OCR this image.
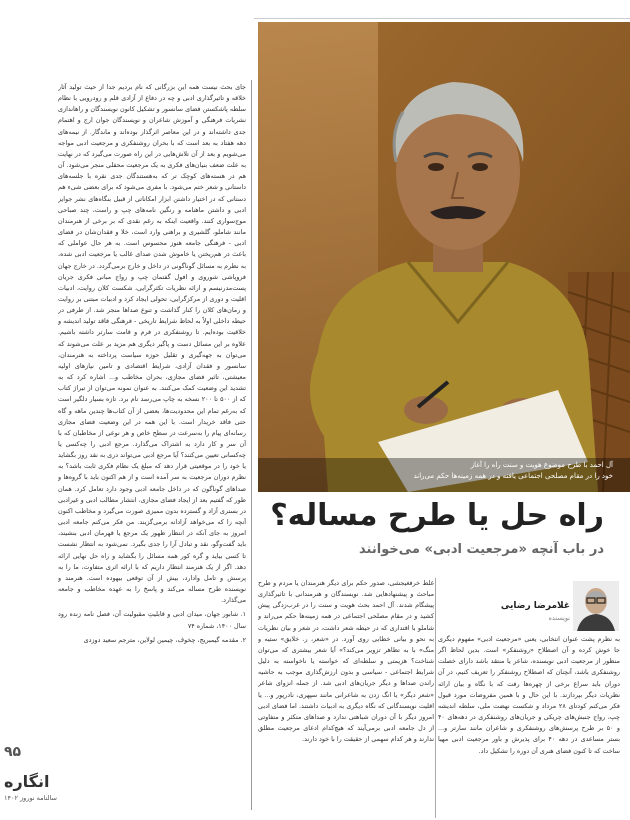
جای بحث نیست همه این بزرگانی که نام بردیم جدا از حیث تولید آثار خلاقه و تاثیرگذاری ادبی و چه در دفاع از آزادی قلم و رودرویی با نظام سلطه پاشکستن فضای سانسور و تشکیل کانون نویسندگان و راهاندازی نشریات فرهنگی و آموزش شاعران و نویسندگان جوان ارج و اهتمام جدی داشته‌اند و در این معاصر اثرگذار بوده‌اند و ماندگار. از نیمه‌های دهه هفتاد به بعد است که با بحران روشنفکری و مرجعیت ادبی مواجه می‌شویم و بعد از آن تلاش‌هایی در این راه صورت می‌گیرد که در نهایت به علت ضعف بنیان‌های فکری به یک مرجعیت محفلی منجر می‌شود. آن هم در هسته‌های کوچک تر که به‌هستندگان جدی نقره با جلسه‌های داستانی و شعر ختم می‌شود. با مفری می‌شود که برای بعضی شیء هم دستانی که در اختیار داشتن ابزار امکاناتی از قبیل بنگاه‌های نشر جوایز ادبی و داشتن ماهنامه و رنگین نامه‌های چپ و راست، چند صباحی موج‌سواری کنند. واقعیت اینکه به رغم نقدی که بر برخی از هنرمندان مانند شاملو، گلشیری و براهنی وارد است، خلا و فقدان‌شان در فضای ادبی - فرهنگی جامعه هنوز محسوس است. به هر حال عواملی که باعث در هم‌ریختن یا خاموش شدن صدای غالب یا مرجعیت ادبی شده، به نظرم به مسائل گوناگونی در داخل و خارج برمی‌گردد. در خارج جهان فروپاشی شوروی و افول گفتمان چپ و رواج مبانی فکری جریان پست‌مدرنیسم و ارائه نظریات تکثرگرایی، شکست کلان روایت، ادبیات اقلیت و دوری از مرکزگرایی، تحولی ایجاد کرد و ادبیات مبتنی بر روایت و رمان‌های کلان را کنار گذاشت و تنوع صداها منجر شد. از طرفی در حیطه داخلی اولاً به لحاظ شرایط تاریخی - فرهنگی فاقد تولید اندیشه و خلاقیت بوده‌ایم. تا روشنفکری در فرم و قامت سارتر داشته باشیم. علاوه بر این مسائل دست و پاگیر دیگری هم مزید بر علت می‌شوند که می‌توان به جهه‌گیری و تقلیل حوزه سیاست پرداخته به هنرمندان، سانسور و فقدان آزادی، شرایط اقتصادی و تامین نیازهای اولیه معیشتی، تاثیر فضای مجازی، بحران مخاطب و... اشاره کرد که به تشدید این وضعیت کمک می‌کنند. به عنوان نمونه می‌توان از تیراژ کتاب که از ۵۰۰ تا ۲۰۰ نسخه به چاپ می‌رسد نام برد. تازه بسیار دلگیر است که به‌رغم تمام این محدودیت‌ها، بعضی از آن کتاب‌ها چندین ماهه و گاه حتی فاقد خریدار است. با این همه در این وضعیت فضای مجازی رسانه‌ای پیام را به‌سرعت در سطح خاص و هر نوعی از مخاطبان که با آن سر و کار دارد به اشتراک می‌گذارد. مرجع ادبی را چه‌کسی یا چه‌کسانی تعیین می‌کنند؟ آیا مرجع ادبی می‌تواند دری به نقد روز بگشاید یا خود را در موقعیتی قرار دهد که مبلغ یک نظام فکری ثابت باشد؟ به نظرم دوران مرجعیت به سر آمده است و از هم اکنون باید با گروه‌ها و صداهای گوناگون که در داخل جامعه ادبی وجود دارد تعامل کرد. همان طور که گفتیم بعد از ایجاد فضای مجازی، انتشار مطالب ادبی و غیرادبی در بستری آزاد و گسترده بدون ممیزی صورت می‌گیرد و مخاطب اکنون آنچه را که می‌خواهد آزادانه برمی‌گزیند. من فکر می‌کنم جامعه ادبی امروز به جای آنکه در انتظار ظهور یک مرجع یا قهرمان ادبی بنشیند، باید گفت‌وگو، نقد و تبادل آرا را جدی بگیرد. نمی‌شود به انتظار نشست تا کسی بیاید و گره کور همه مسائل را بگشاید و راه حل نهایی ارائه دهد. اگر از یک هنرمند انتظار داریم که با ارائه اثری متفاوت، ما را به پرسش و تامل وادارد، بیش از آن توقعی بیهوده است. هنرمند و نویسنده طرح مساله می‌کند و پاسخ را به عهده مخاطب و جامعه می‌گذارد.

۱. شابور جهان، میدان ادبی و قابلیتِ مقبولیت آن، فصل نامه زنده رود سال ۱۴۰۰، شماره ۷۴

۲. مقدمه گیمبریج، چخوف، چیمین لولاین، مترجم سعید دوزدی

آل احمد با طرح موضوع هویت و سنت راه را آغاز
خود را در مقام مصلحی اجتماعی یافته و در همه زمینه‌ها حکم می‌راند
راه حل یا طرح مساله؟
در باب آنچه «مرجعیت ادبی» می‌خوانند
غلامرضا رضایی
نویسنده

غلط خرفغیجشی، صدور حکم برای دیگر هنرمندان یا مردم و طرح مباحث و پیشنهادهایی شد. نویسندگان و هنرمندانی با تاثیرگذاری پیشگام شدند. آل احمد بحث هویت و سنت را در غرب‌زدگی پیش کشید و در مقام مصلحی اجتماعی در همه زمینه‌ها حکم می‌راند و شاملو با اقتداری که در حیطه شعر داشت، در شعر و بیان نظریات به نحو و بیانی خطابی روی آورد. در «شعر، ر. خلایق» ستیه و منگ» با به تظاهر تزویر می‌کند؟» آیا شعر بیشتری که می‌توان شناخت؟ هزیمتی و سلطه‌ای که خواسته یا ناخواسته به دلیل شرایط اجتماعی - سیاسی و بدون ارزش‌گذاری موجب به حاشیه راندن صداها و دیگر جریان‌های ادبی شد. از جمله انزوای شاعر «شعر دیگر» یا انگ زدن به شاعرانی مانند سپهری، نادرپور و... یا اقلیت نویسندگانی که نگاه دیگری به ادبیات داشتند. اما فضای ادبی امروز دیگر با آن دوران شباهتی ندارد و صداهای متکثر و متفاوتی از دل جامعه ادبی برمی‌آیند که هیچ‌کدام ادعای مرجعیت مطلق ندارند و هر کدام سهمی از حقیقت را با خود دارند.

به نظرم پشت عنوان انتخابی، یعنی «مرجعیت ادبی» مفهوم دیگری جا خوش کرده و آن اصطلاح «روشنفکر» است. بدین لحاظ اگر منظور از مرجعیت ادبی نویسنده، شاعر یا منتقد باشد دارای خصلت روشنفکری باشد، آنچنان که اصطلاح روشنفکر را تعریف کنیم، در آن دوران باید سراغ برخی از چهره‌ها رفت که با نگاه و بیان ارائه نظریات دیگر بپردازند. با این حال و با همین مفروضات مورد قبول فکر می‌کنم کودتای ۲۸ مرداد و شکست نهضت ملی، سلطه اندیشه چپ، رواج جنبش‌های چریکی و جریان‌های روشنفکری در دهه‌های ۴۰ و ۵۰ بر طرح پرسش‌های روشنفکری و شاعران مانند سارتر و... بستر مساعدی در دهه ۴۰ برای پذیرش و باور مرجعیت ادبی مهیا ساخت که تا کنون فضای هنری آن دوره را تشکیل داد.

۹۵
انگاره
سالنامه نوروز ۱۴۰۲
